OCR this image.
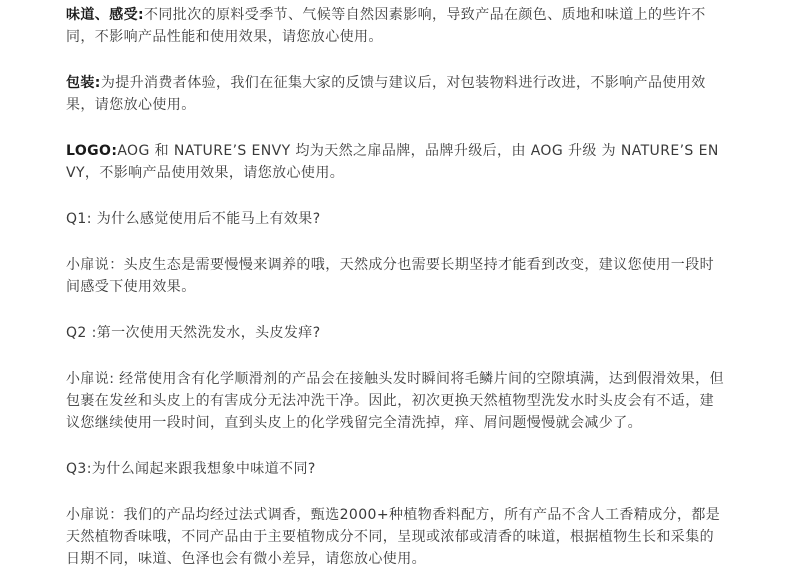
味道、感受:不同批次的原料受季节、气候等自然因素影响，导致产品在颜色、质地和味道上的些许不同，不影响产品性能和使用效果，请您放心使用。

包装:为提升消费者体验，我们在征集大家的反馈与建议后，对包装物料进行改进，不影响产品使用效果，请您放心使用。

LOGO:AOG 和 NATURE’S ENVY 均为天然之扉品牌，品牌升级后，由 AOG 升级 为 NATURE’S ENVY，不影响产品使用效果，请您放心使用。

Q1: 为什么感觉使用后不能马上有效果?

小扉说：头皮生态是需要慢慢来调养的哦，天然成分也需要长期坚持才能看到改变，建议您使用一段时间感受下使用效果。

Q2 :第一次使用天然洗发水，头皮发痒?

小扉说: 经常使用含有化学顺滑剂的产品会在接触头发时瞬间将毛鳞片间的空隙填满，达到假滑效果，但包裹在发丝和头皮上的有害成分无法冲洗干净。因此，初次更换天然植物型洗发水时头皮会有不适，建议您继续使用一段时间，直到头皮上的化学残留完全清洗掉，痒、屑问题慢慢就会减少了。

Q3:为什么闻起来跟我想象中味道不同?

小扉说：我们的产品均经过法式调香，甄选2000+种植物香料配方，所有产品不含人工香精成分，都是天然植物香味哦，不同产品由于主要植物成分不同，呈现或浓郁或清香的味道，根据植物生长和采集的日期不同，味道、色泽也会有微小差异，请您放心使用。
